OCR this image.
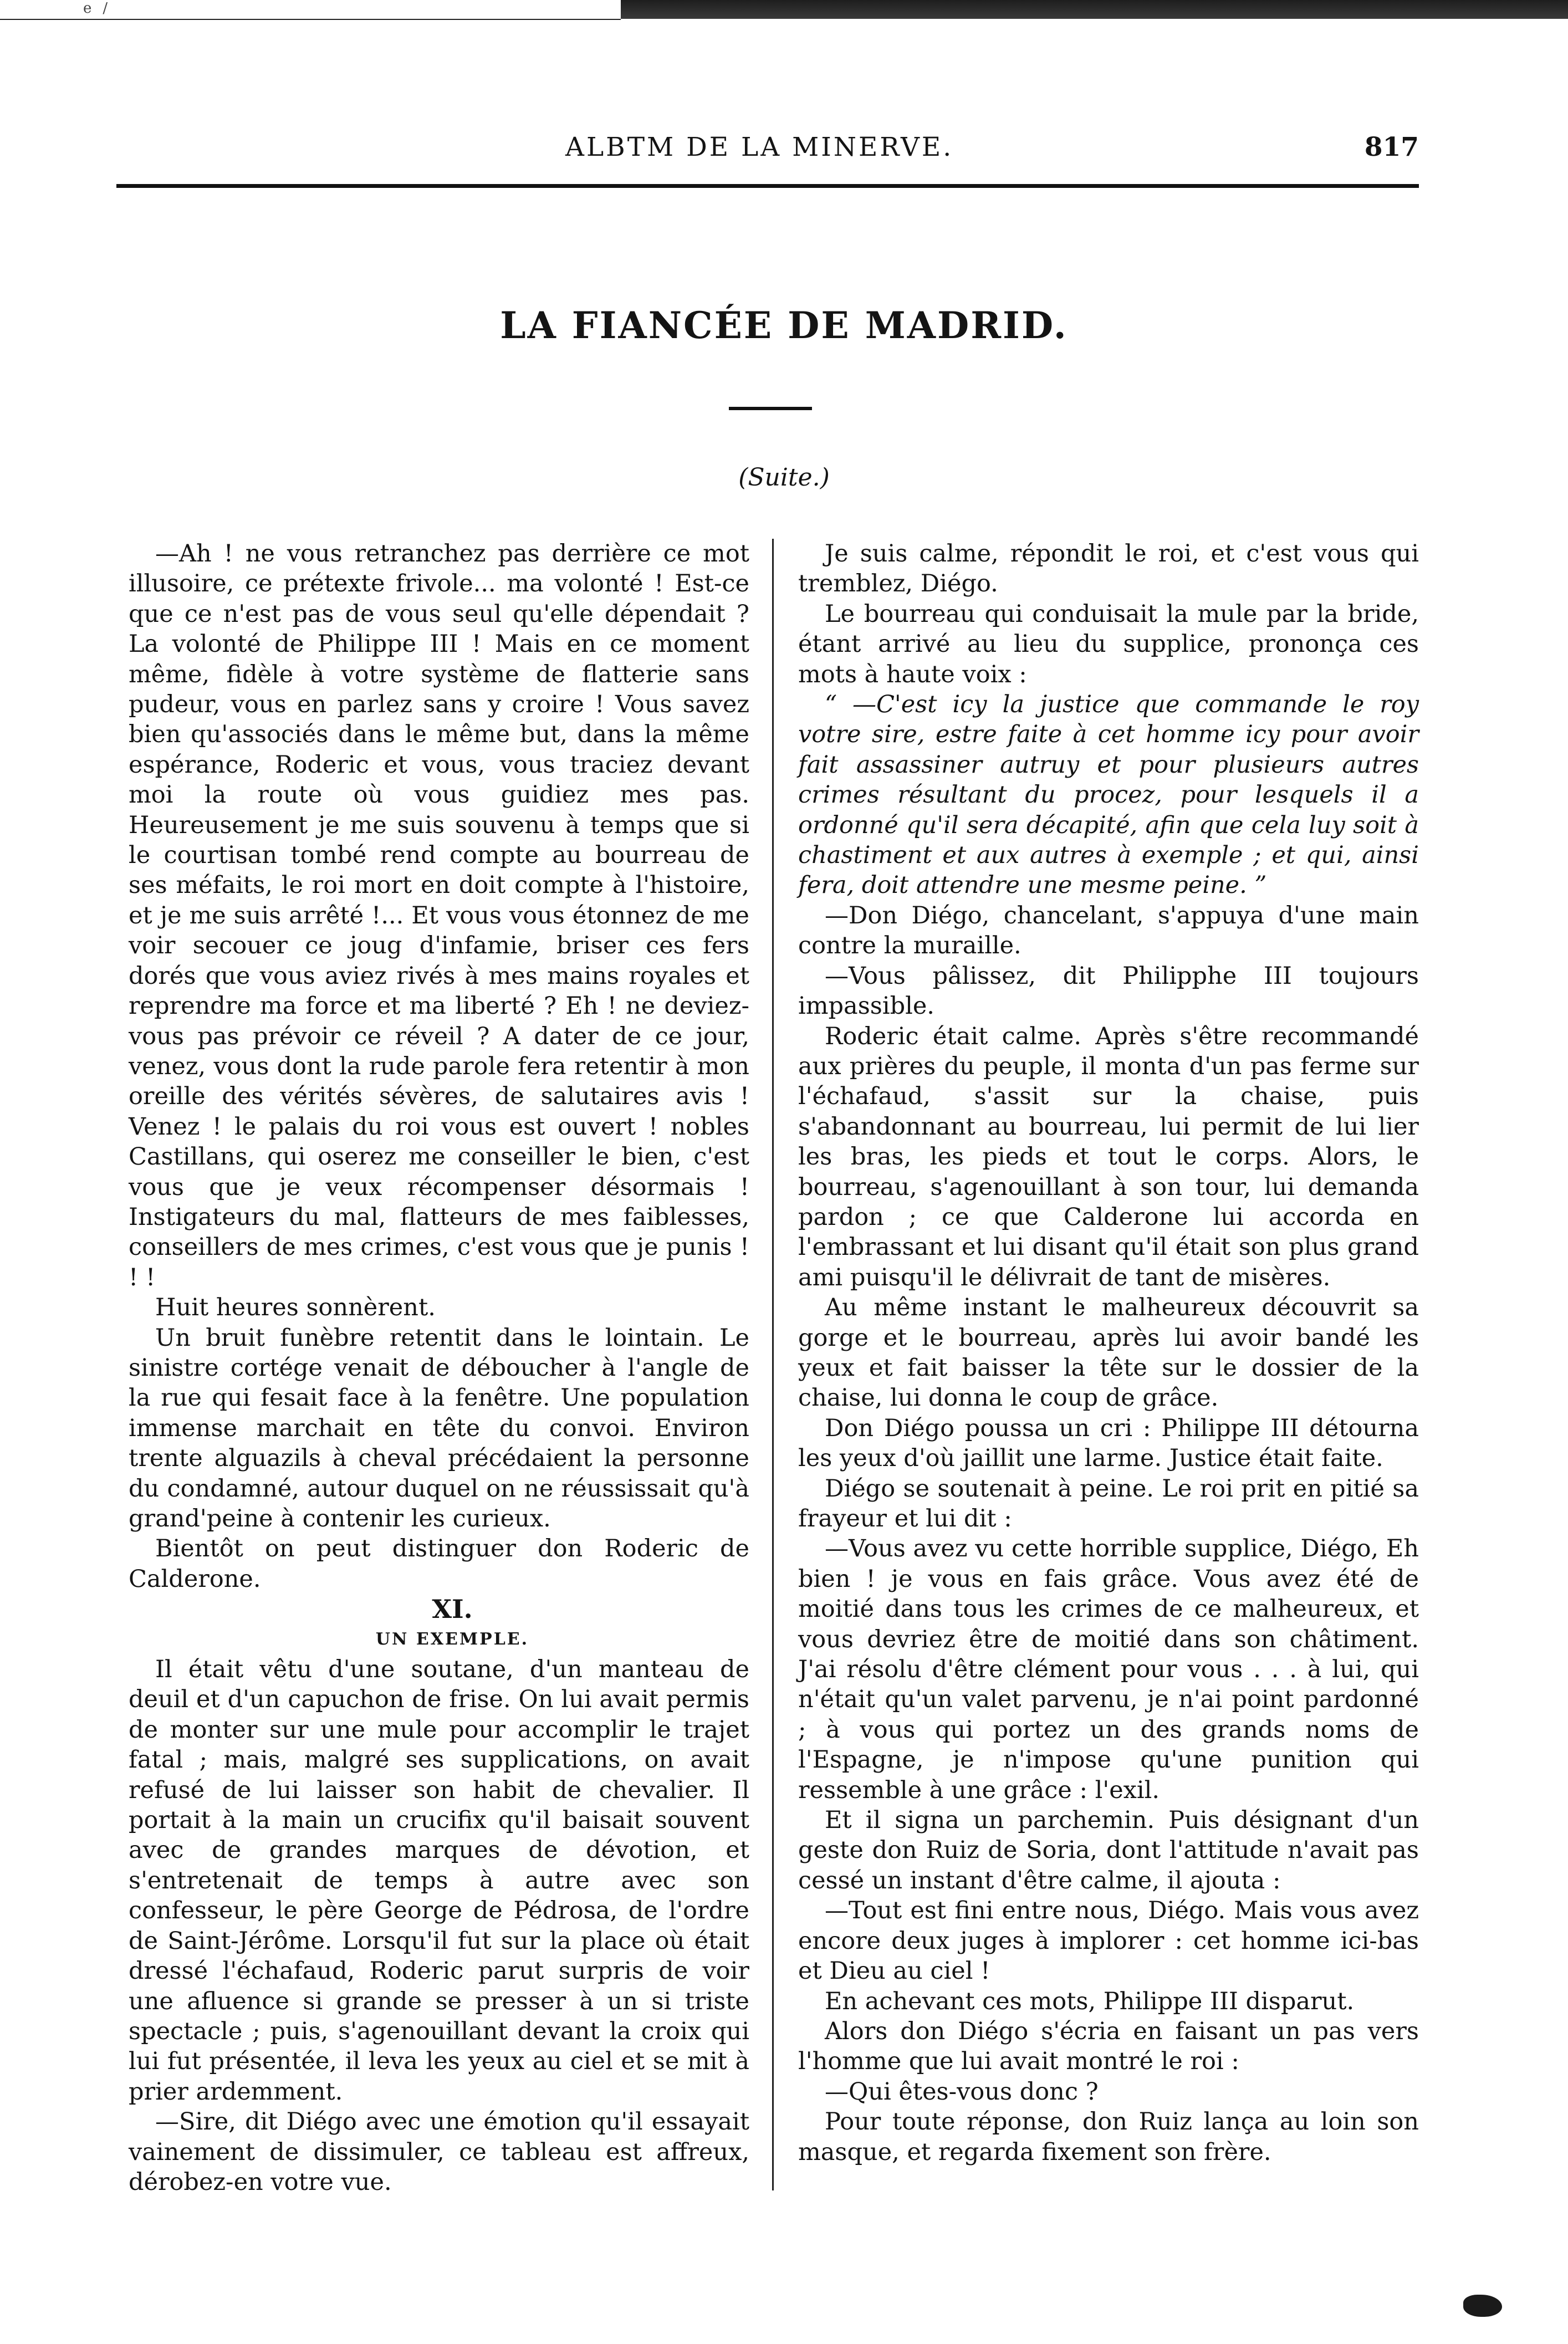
e/
ALBTM DE LA MINERVE.	817
LA FIANCÉE DE MADRID.
(Suite.)

—Ah ! ne vous retranchez pas derrière ce mot illusoire, ce prétexte frivole... ma volonté ! Est-ce que ce n'est pas de vous seul qu'elle dépendait ? La volonté de Philippe III ! Mais en ce moment même, fidèle à votre système de flatterie sans pudeur, vous en parlez sans y croire ! Vous savez bien qu'associés dans le même but, dans la même espérance, Roderic et vous, vous traciez devant moi la route où vous guidiez mes pas. Heureusement je me suis souvenu à temps que si le courtisan tombé rend compte au bourreau de ses méfaits, le roi mort en doit compte à l'histoire, et je me suis arrêté !... Et vous vous étonnez de me voir secouer ce joug d'infamie, briser ces fers dorés que vous aviez rivés à mes mains royales et reprendre ma force et ma liberté ? Eh ! ne deviez-vous pas prévoir ce réveil ? A dater de ce jour, venez, vous dont la rude parole fera retentir à mon oreille des vérités sévères, de salutaires avis ! Venez ! le palais du roi vous est ouvert ! nobles Castillans, qui oserez me conseiller le bien, c'est vous que je veux récompenser désormais ! Instigateurs du mal, flatteurs de mes faiblesses, conseillers de mes crimes, c'est vous que je punis ! ! !

Huit heures sonnèrent.

Un bruit funèbre retentit dans le lointain. Le sinistre cortége venait de déboucher à l'angle de la rue qui fesait face à la fenêtre. Une population immense marchait en tête du convoi. Environ trente alguazils à cheval précédaient la personne du condamné, autour duquel on ne réussissait qu'à grand'peine à contenir les curieux.

Bientôt on peut distinguer don Roderic de Calderone.

XI.

UN EXEMPLE.

Il était vêtu d'une soutane, d'un manteau de deuil et d'un capuchon de frise. On lui avait permis de monter sur une mule pour accomplir le trajet fatal ; mais, malgré ses supplications, on avait refusé de lui laisser son habit de chevalier. Il portait à la main un crucifix qu'il baisait souvent avec de grandes marques de dévotion, et s'entretenait de temps à autre avec son confesseur, le père George de Pédrosa, de l'ordre de Saint-Jérôme. Lorsqu'il fut sur la place où était dressé l'échafaud, Roderic parut surpris de voir une afluence si grande se presser à un si triste spectacle ; puis, s'agenouillant devant la croix qui lui fut présentée, il leva les yeux au ciel et se mit à prier ardemment.

—Sire, dit Diégo avec une émotion qu'il essayait vainement de dissimuler, ce tableau est affreux, dérobez-en votre vue.

Je suis calme, répondit le roi, et c'est vous qui tremblez, Diégo.

Le bourreau qui conduisait la mule par la bride, étant arrivé au lieu du supplice, prononça ces mots à haute voix :

“ —C'est icy la justice que commande le roy votre sire, estre faite à cet homme icy pour avoir fait assassiner autruy et pour plusieurs autres crimes résultant du procez, pour lesquels il a ordonné qu'il sera décapité, afin que cela luy soit à chastiment et aux autres à exemple ; et qui, ainsi fera, doit attendre une mesme peine. ”

—Don Diégo, chancelant, s'appuya d'une main contre la muraille.

—Vous pâlissez, dit Philipphe III toujours impassible.

Roderic était calme. Après s'être recommandé aux prières du peuple, il monta d'un pas ferme sur l'échafaud, s'assit sur la chaise, puis s'abandonnant au bourreau, lui permit de lui lier les bras, les pieds et tout le corps. Alors, le bourreau, s'agenouillant à son tour, lui demanda pardon ; ce que Calderone lui accorda en l'embrassant et lui disant qu'il était son plus grand ami puisqu'il le délivrait de tant de misères.

Au même instant le malheureux découvrit sa gorge et le bourreau, après lui avoir bandé les yeux et fait baisser la tête sur le dossier de la chaise, lui donna le coup de grâce.

Don Diégo poussa un cri : Philippe III détourna les yeux d'où jaillit une larme. Justice était faite.

Diégo se soutenait à peine. Le roi prit en pitié sa frayeur et lui dit :

—Vous avez vu cette horrible supplice, Diégo, Eh bien ! je vous en fais grâce. Vous avez été de moitié dans tous les crimes de ce malheureux, et vous devriez être de moitié dans son châtiment. J'ai résolu d'être clément pour vous . . . à lui, qui n'était qu'un valet parvenu, je n'ai point pardonné ; à vous qui portez un des grands noms de l'Espagne, je n'impose qu'une punition qui ressemble à une grâce : l'exil.

Et il signa un parchemin. Puis désignant d'un geste don Ruiz de Soria, dont l'attitude n'avait pas cessé un instant d'être calme, il ajouta :

—Tout est fini entre nous, Diégo. Mais vous avez encore deux juges à implorer : cet homme ici-bas et Dieu au ciel !

En achevant ces mots, Philippe III disparut.

Alors don Diégo s'écria en faisant un pas vers l'homme que lui avait montré le roi :

—Qui êtes-vous donc ?

Pour toute réponse, don Ruiz lança au loin son masque, et regarda fixement son frère.
